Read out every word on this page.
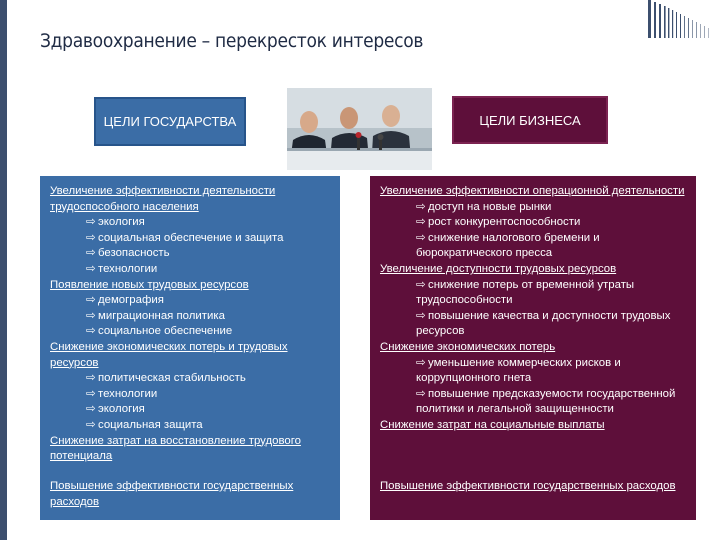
Здравоохранение – перекресток интересов
ЦЕЛИ ГОСУДАРСТВА	ЦЕЛИ БИЗНЕСА

Увеличение эффективности деятельности трудоспособного населения

⇨ экология

⇨ социальная обеспечение и защита

⇨ безопасность

⇨ технологии

Появление новых трудовых ресурсов

⇨ демография

⇨ миграционная политика

⇨ социальное обеспечение

Снижение экономических потерь и трудовых ресурсов

⇨ политическая стабильность

⇨ технологии

⇨ экология

⇨ социальная защита

Снижение затрат на восстановление трудового потенциала

Повышение эффективности государственных расходов

Увеличение эффективности операционной деятельности

⇨ доступ на новые рынки

⇨ рост конкурентоспособности

⇨ снижение налогового бремени и бюрократического пресса

Увеличение доступности трудовых ресурсов

⇨ снижение потерь от временной утраты трудоспособности

⇨ повышение качества и доступности трудовых ресурсов

Снижение экономических потерь

⇨ уменьшение коммерческих рисков и коррупционного гнета

⇨ повышение предсказуемости государственной политики и легальной защищенности

Снижение затрат на социальные выплаты

Повышение эффективности государственных расходов
